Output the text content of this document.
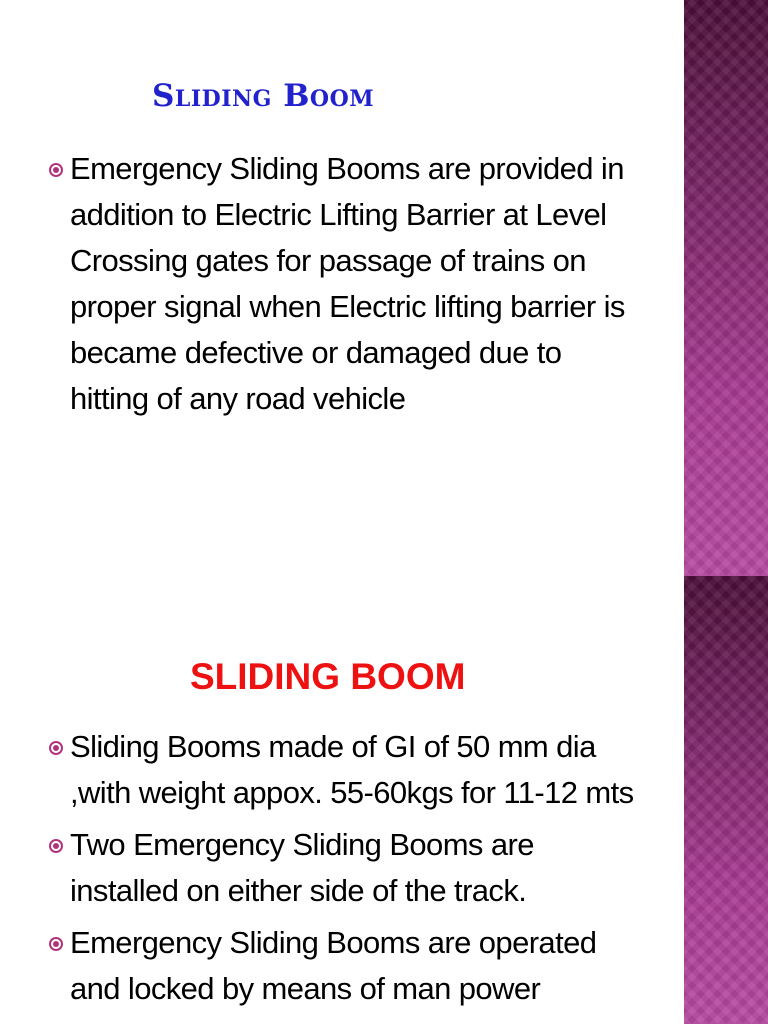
Sliding Boom
Emergency Sliding Booms are provided in addition to Electric Lifting Barrier at Level Crossing gates for passage of trains on proper signal when Electric lifting barrier is became defective or damaged due to hitting of any road vehicle
SLIDING BOOM
Sliding Booms made of GI of 50 mm dia ,with weight appox. 55-60kgs for 11-12 mts
Two Emergency Sliding Booms are installed on either side of the track.
Emergency Sliding Booms are operated and locked by means of man power
